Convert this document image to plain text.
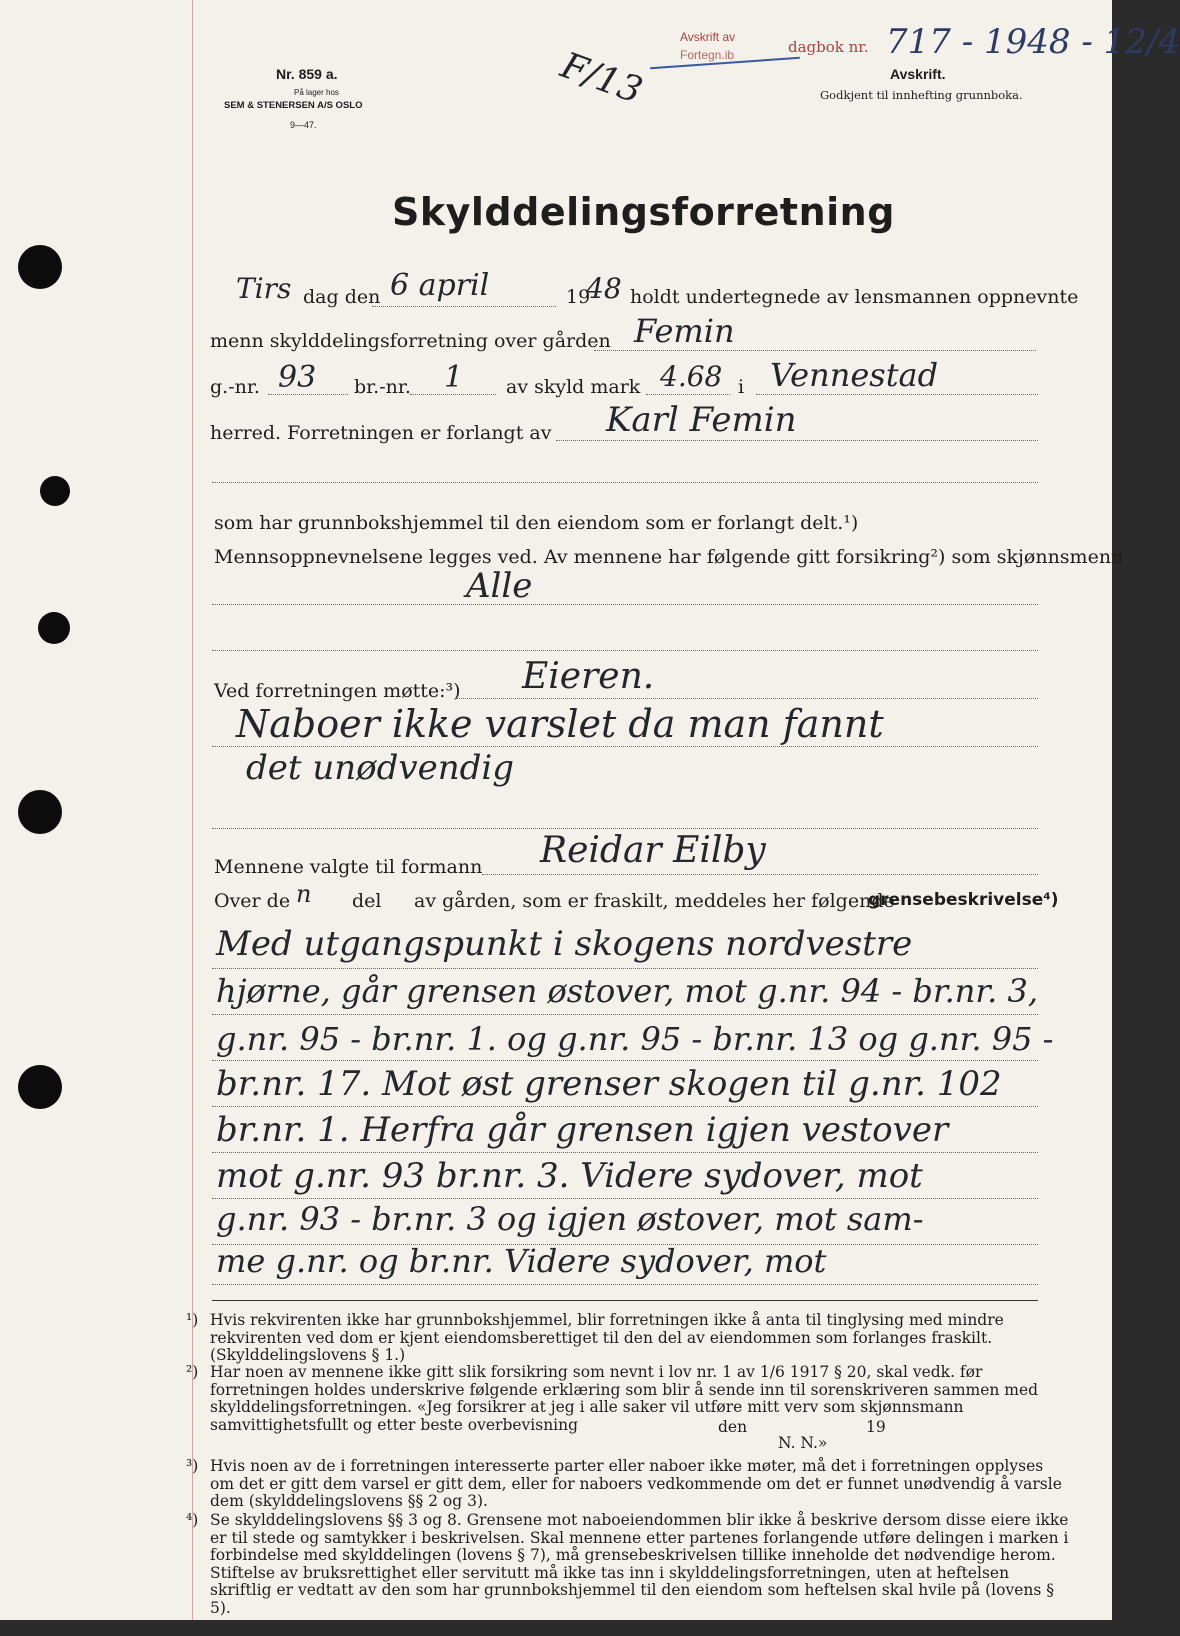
Nr. 859 a.
På lager hos
SEM & STENERSEN A/S OSLO
9—47.
F/13
Avskrift av
Fortegn.ib	dagbok nr. 717 - 1948 - 12/4
Avskrift.
Godkjent til innhefting grunnboka.
Skylddelingsforretning
Tirs dag den 6 april	19
48 holdt undertegnede av lensmannen oppnevnte
menn skylddelingsforretning over gården Femin
g.-nr. 93 br.-nr. 1 av skyld mark 4.68 i Vennestad
herred. Forretningen er forlangt av Karl Femin
som har grunnbokshjemmel til den eiendom som er forlangt delt.¹)
Mennsoppnevnelsene legges ved. Av mennene har følgende gitt forsikring²) som skjønnsmenn
Alle
Ved forretningen møtte:³) Eieren.
Naboer ikke varslet da man fannt
det unødvendig
Mennene valgte til formann Reidar Eilby
Over de n del av gården, som er fraskilt, meddeles her følgende
grensebeskrivelse⁴)
Med utgangspunkt i skogens nordvestre
hjørne, går grensen østover, mot g.nr. 94 - br.nr. 3,
g.nr. 95 - br.nr. 1. og g.nr. 95 - br.nr. 13 og g.nr. 95 -
br.nr. 17. Mot øst grenser skogen til g.nr. 102
br.nr. 1. Herfra går grensen igjen vestover
mot g.nr. 93 br.nr. 3. Videre sydover, mot
g.nr. 93 - br.nr. 3 og igjen østover, mot sam-
me g.nr. og br.nr. Videre sydover, mot
¹) Hvis rekvirenten ikke har grunnbokshjemmel, blir forretningen ikke å anta til tinglysing med mindre rekvirenten ved dom er kjent eiendomsberettiget til den del av eiendommen som forlanges fraskilt. (Skylddelingslovens § 1.)
²) Har noen av mennene ikke gitt slik forsikring som nevnt i lov nr. 1 av 1/6 1917 § 20, skal vedk. før forretningen holdes underskrive følgende erklæring som blir å sende inn til sorenskriveren sammen med skylddelingsforretningen. «Jeg forsikrer at jeg i alle saker vil utføre mitt verv som skjønnsmann samvittighetsfullt og etter beste overbevisning	den	19
N. N.»
³) Hvis noen av de i forretningen interesserte parter eller naboer ikke møter, må det i forretningen opplyses om det er gitt dem varsel er gitt dem, eller for naboers vedkommende om det er funnet unødvendig å varsle dem (skylddelingslovens §§ 2 og 3).
⁴) Se skylddelingslovens §§ 3 og 8. Grensene mot naboeiendommen blir ikke å beskrive dersom disse eiere ikke er til stede og samtykker i beskrivelsen. Skal mennene etter partenes forlangende utføre delingen i marken i forbindelse med skylddelingen (lovens § 7), må grensebeskrivelsen tillike inneholde det nødvendige herom. Stiftelse av bruksrettighet eller servitutt må ikke tas inn i skylddelingsforretningen, uten at heftelsen skriftlig er vedtatt av den som har grunnbokshjemmel til den eiendom som heftelsen skal hvile på (lovens § 5).
